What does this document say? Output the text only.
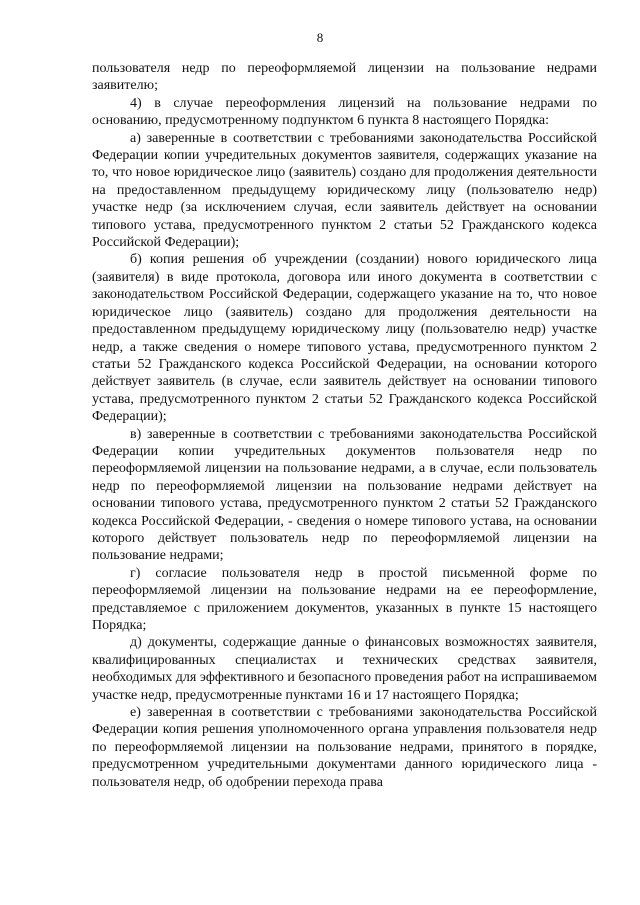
8

пользователя недр по переоформляемой лицензии на пользование недрами заявителю;

4) в случае переоформления лицензий на пользование недрами по основанию, предусмотренному подпунктом 6 пункта 8 настоящего Порядка:

а) заверенные в соответствии с требованиями законодательства Российской Федерации копии учредительных документов заявителя, содержащих указание на то, что новое юридическое лицо (заявитель) создано для продолжения деятельности на предоставленном предыдущему юридическому лицу (пользователю недр) участке недр (за исключением случая, если заявитель действует на основании типового устава, предусмотренного пунктом 2 статьи 52 Гражданского кодекса Российской Федерации);

б) копия решения об учреждении (создании) нового юридического лица (заявителя) в виде протокола, договора или иного документа в соответствии с законодательством Российской Федерации, содержащего указание на то, что новое юридическое лицо (заявитель) создано для продолжения деятельности на предоставленном предыдущему юридическому лицу (пользователю недр) участке недр, а также сведения о номере типового устава, предусмотренного пунктом 2 статьи 52 Гражданского кодекса Российской Федерации, на основании которого действует заявитель (в случае, если заявитель действует на основании типового устава, предусмотренного пунктом 2 статьи 52 Гражданского кодекса Российской Федерации);

в) заверенные в соответствии с требованиями законодательства Российской Федерации копии учредительных документов пользователя недр по переоформляемой лицензии на пользование недрами, а в случае, если пользователь недр по переоформляемой лицензии на пользование недрами действует на основании типового устава, предусмотренного пунктом 2 статьи 52 Гражданского кодекса Российской Федерации, - сведения о номере типового устава, на основании которого действует пользователь недр по переоформляемой лицензии на пользование недрами;

г) согласие пользователя недр в простой письменной форме по переоформляемой лицензии на пользование недрами на ее переоформление, представляемое с приложением документов, указанных в пункте 15 настоящего Порядка;

д) документы, содержащие данные о финансовых возможностях заявителя, квалифицированных специалистах и технических средствах заявителя, необходимых для эффективного и безопасного проведения работ на испрашиваемом участке недр, предусмотренные пунктами 16 и 17 настоящего Порядка;

е) заверенная в соответствии с требованиями законодательства Российской Федерации копия решения уполномоченного органа управления пользователя недр по переоформляемой лицензии на пользование недрами, принятого в порядке, предусмотренном учредительными документами данного юридического лица - пользователя недр, об одобрении перехода права
